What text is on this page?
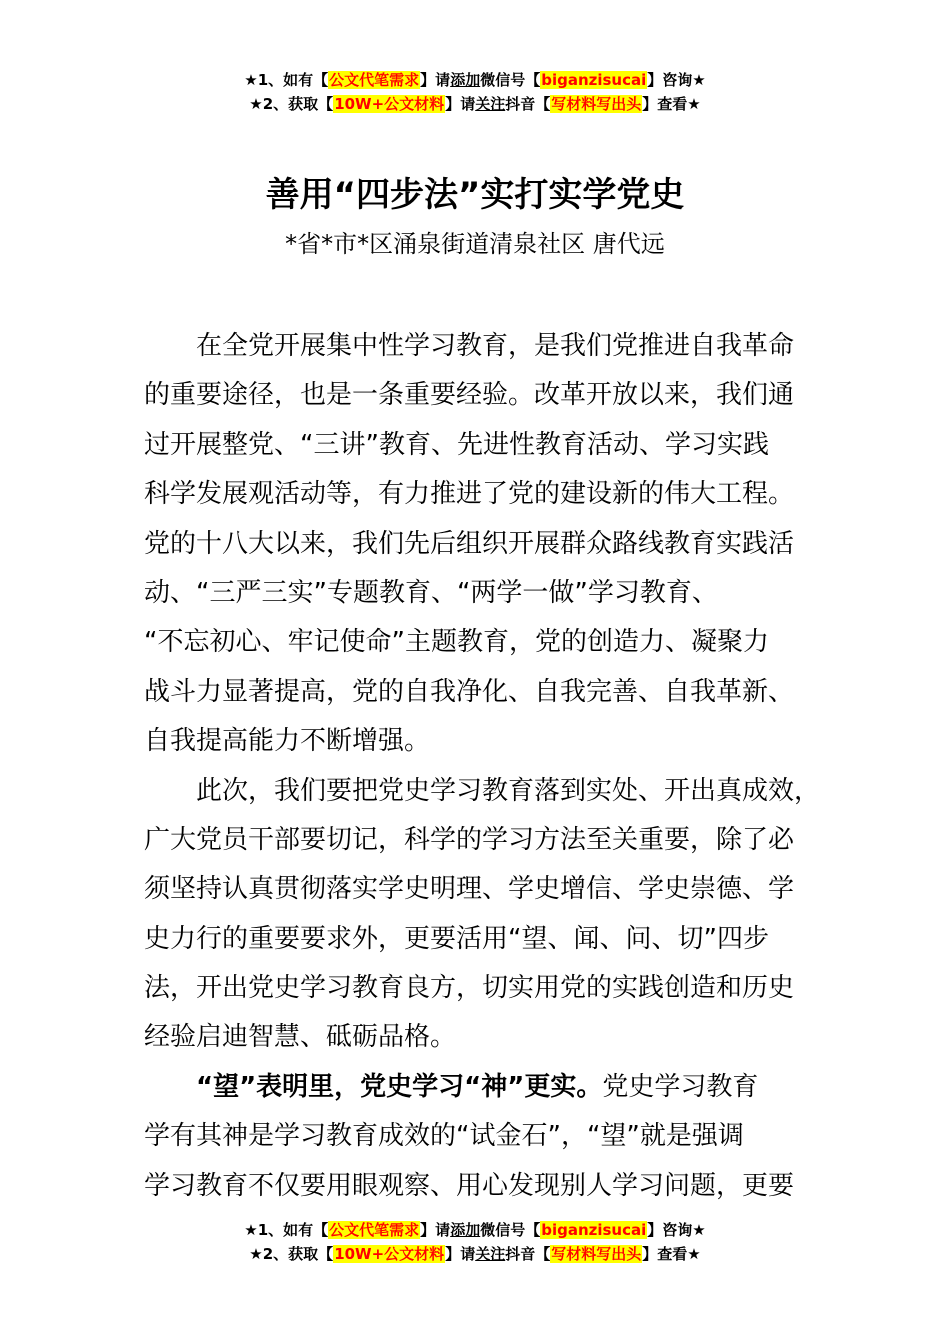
★1、如有【公文代笔需求】请添加微信号【biganzisucai】咨询★
★2、获取【10W+公文材料】请关注抖音【写材料写出头】查看★
善用“四步法”实打实学党史
*省*市*区涌泉街道清泉社区 唐代远
在全党开展集中性学习教育，是我们党推进自我革命
的重要途径，也是一条重要经验。改革开放以来，我们通
过开展整党、“三讲”教育、先进性教育活动、学习实践
科学发展观活动等，有力推进了党的建设新的伟大工程。
党的十八大以来，我们先后组织开展群众路线教育实践活
动、“三严三实”专题教育、“两学一做”学习教育、
“不忘初心、牢记使命”主题教育，党的创造力、凝聚力
战斗力显著提高，党的自我净化、自我完善、自我革新、
自我提高能力不断增强。
此次，我们要把党史学习教育落到实处、开出真成效，
广大党员干部要切记，科学的学习方法至关重要，除了必
须坚持认真贯彻落实学史明理、学史增信、学史崇德、学
史力行的重要要求外，更要活用“望、闻、问、切”四步
法，开出党史学习教育良方，切实用党的实践创造和历史
经验启迪智慧、砥砺品格。
“望”表明里，党史学习“神”更实。党史学习教育
学有其神是学习教育成效的“试金石”，“望”就是强调
学习教育不仅要用眼观察、用心发现别人学习问题，更要
★1、如有【公文代笔需求】请添加微信号【biganzisucai】咨询★
★2、获取【10W+公文材料】请关注抖音【写材料写出头】查看★
